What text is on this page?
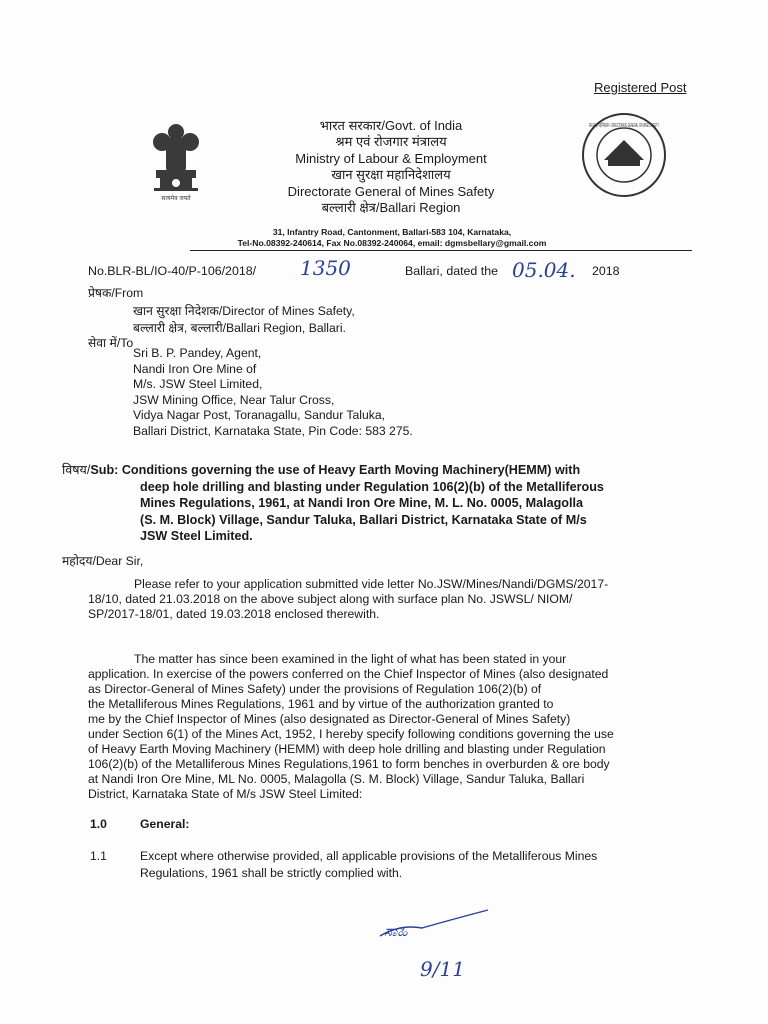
Registered Post
सत्यमेव जयते
भारत सरकार/Govt. of India
श्रम एवं रोजगार मंत्रालय
Ministry of Labour & Employment
खान सुरक्षा महानिदेशालय
Directorate General of Mines Safety
बल्लारी क्षेत्र/Ballari Region
खान सुरक्षा महानिदेशालय · DIRECTORATE GENERAL OF MINES SAFETY
31, Infantry Road, Cantonment, Ballari-583 104, Karnataka,
Tel-No.08392-240614, Fax No.08392-240064, email: dgmsbellary@gmail.com
No.BLR-BL/IO-40/P-106/2018/ 1350	Ballari, dated the 05.04. 2018
प्रेषक/From
खान सुरक्षा निदेशक/Director of Mines Safety,
बल्लारी क्षेत्र, बल्लारी/Ballari Region, Ballari.
सेवा में/To
Sri B. P. Pandey, Agent,
Nandi Iron Ore Mine of
M/s. JSW Steel Limited,
JSW Mining Office, Near Talur Cross,
Vidya Nagar Post, Toranagallu, Sandur Taluka,
Ballari District, Karnataka State, Pin Code: 583 275.
विषय/Sub: Conditions governing the use of Heavy Earth Moving Machinery(HEMM) with
deep hole drilling and blasting under Regulation 106(2)(b) of the Metalliferous
Mines Regulations, 1961, at Nandi Iron Ore Mine, M. L. No. 0005, Malagolla
(S. M. Block) Village, Sandur Taluka, Ballari District, Karnataka State of M/s
JSW Steel Limited.
महोदय/Dear Sir,
Please refer to your application submitted vide letter No.JSW/Mines/Nandi/DGMS/2017-
18/10, dated 21.03.2018 on the above subject along with surface plan No. JSWSL/ NIOM/
SP/2017-18/01, dated 19.03.2018 enclosed therewith.
The matter has since been examined in the light of what has been stated in your
application. In exercise of the powers conferred on the Chief Inspector of Mines (also designated
as Director-General of Mines Safety) under the provisions of Regulation 106(2)(b) of
the Metalliferous Mines Regulations, 1961 and by virtue of the authorization granted to
me by the Chief Inspector of Mines (also designated as Director-General of Mines Safety)
under Section 6(1) of the Mines Act, 1952, I hereby specify following conditions governing the use
of Heavy Earth Moving Machinery (HEMM) with deep hole drilling and blasting under Regulation
106(2)(b) of the Metalliferous Mines Regulations,1961 to form benches in overburden & ore body
at Nandi Iron Ore Mine, ML No. 0005, Malagolla (S. M. Block) Village, Sandur Taluka, Ballari
District, Karnataka State of M/s JSW Steel Limited:
1.0	General:
1.1	Except where otherwise provided, all applicable provisions of the Metalliferous Mines
Regulations, 1961 shall be strictly complied with.
ಸಾಹಿ
9/11
